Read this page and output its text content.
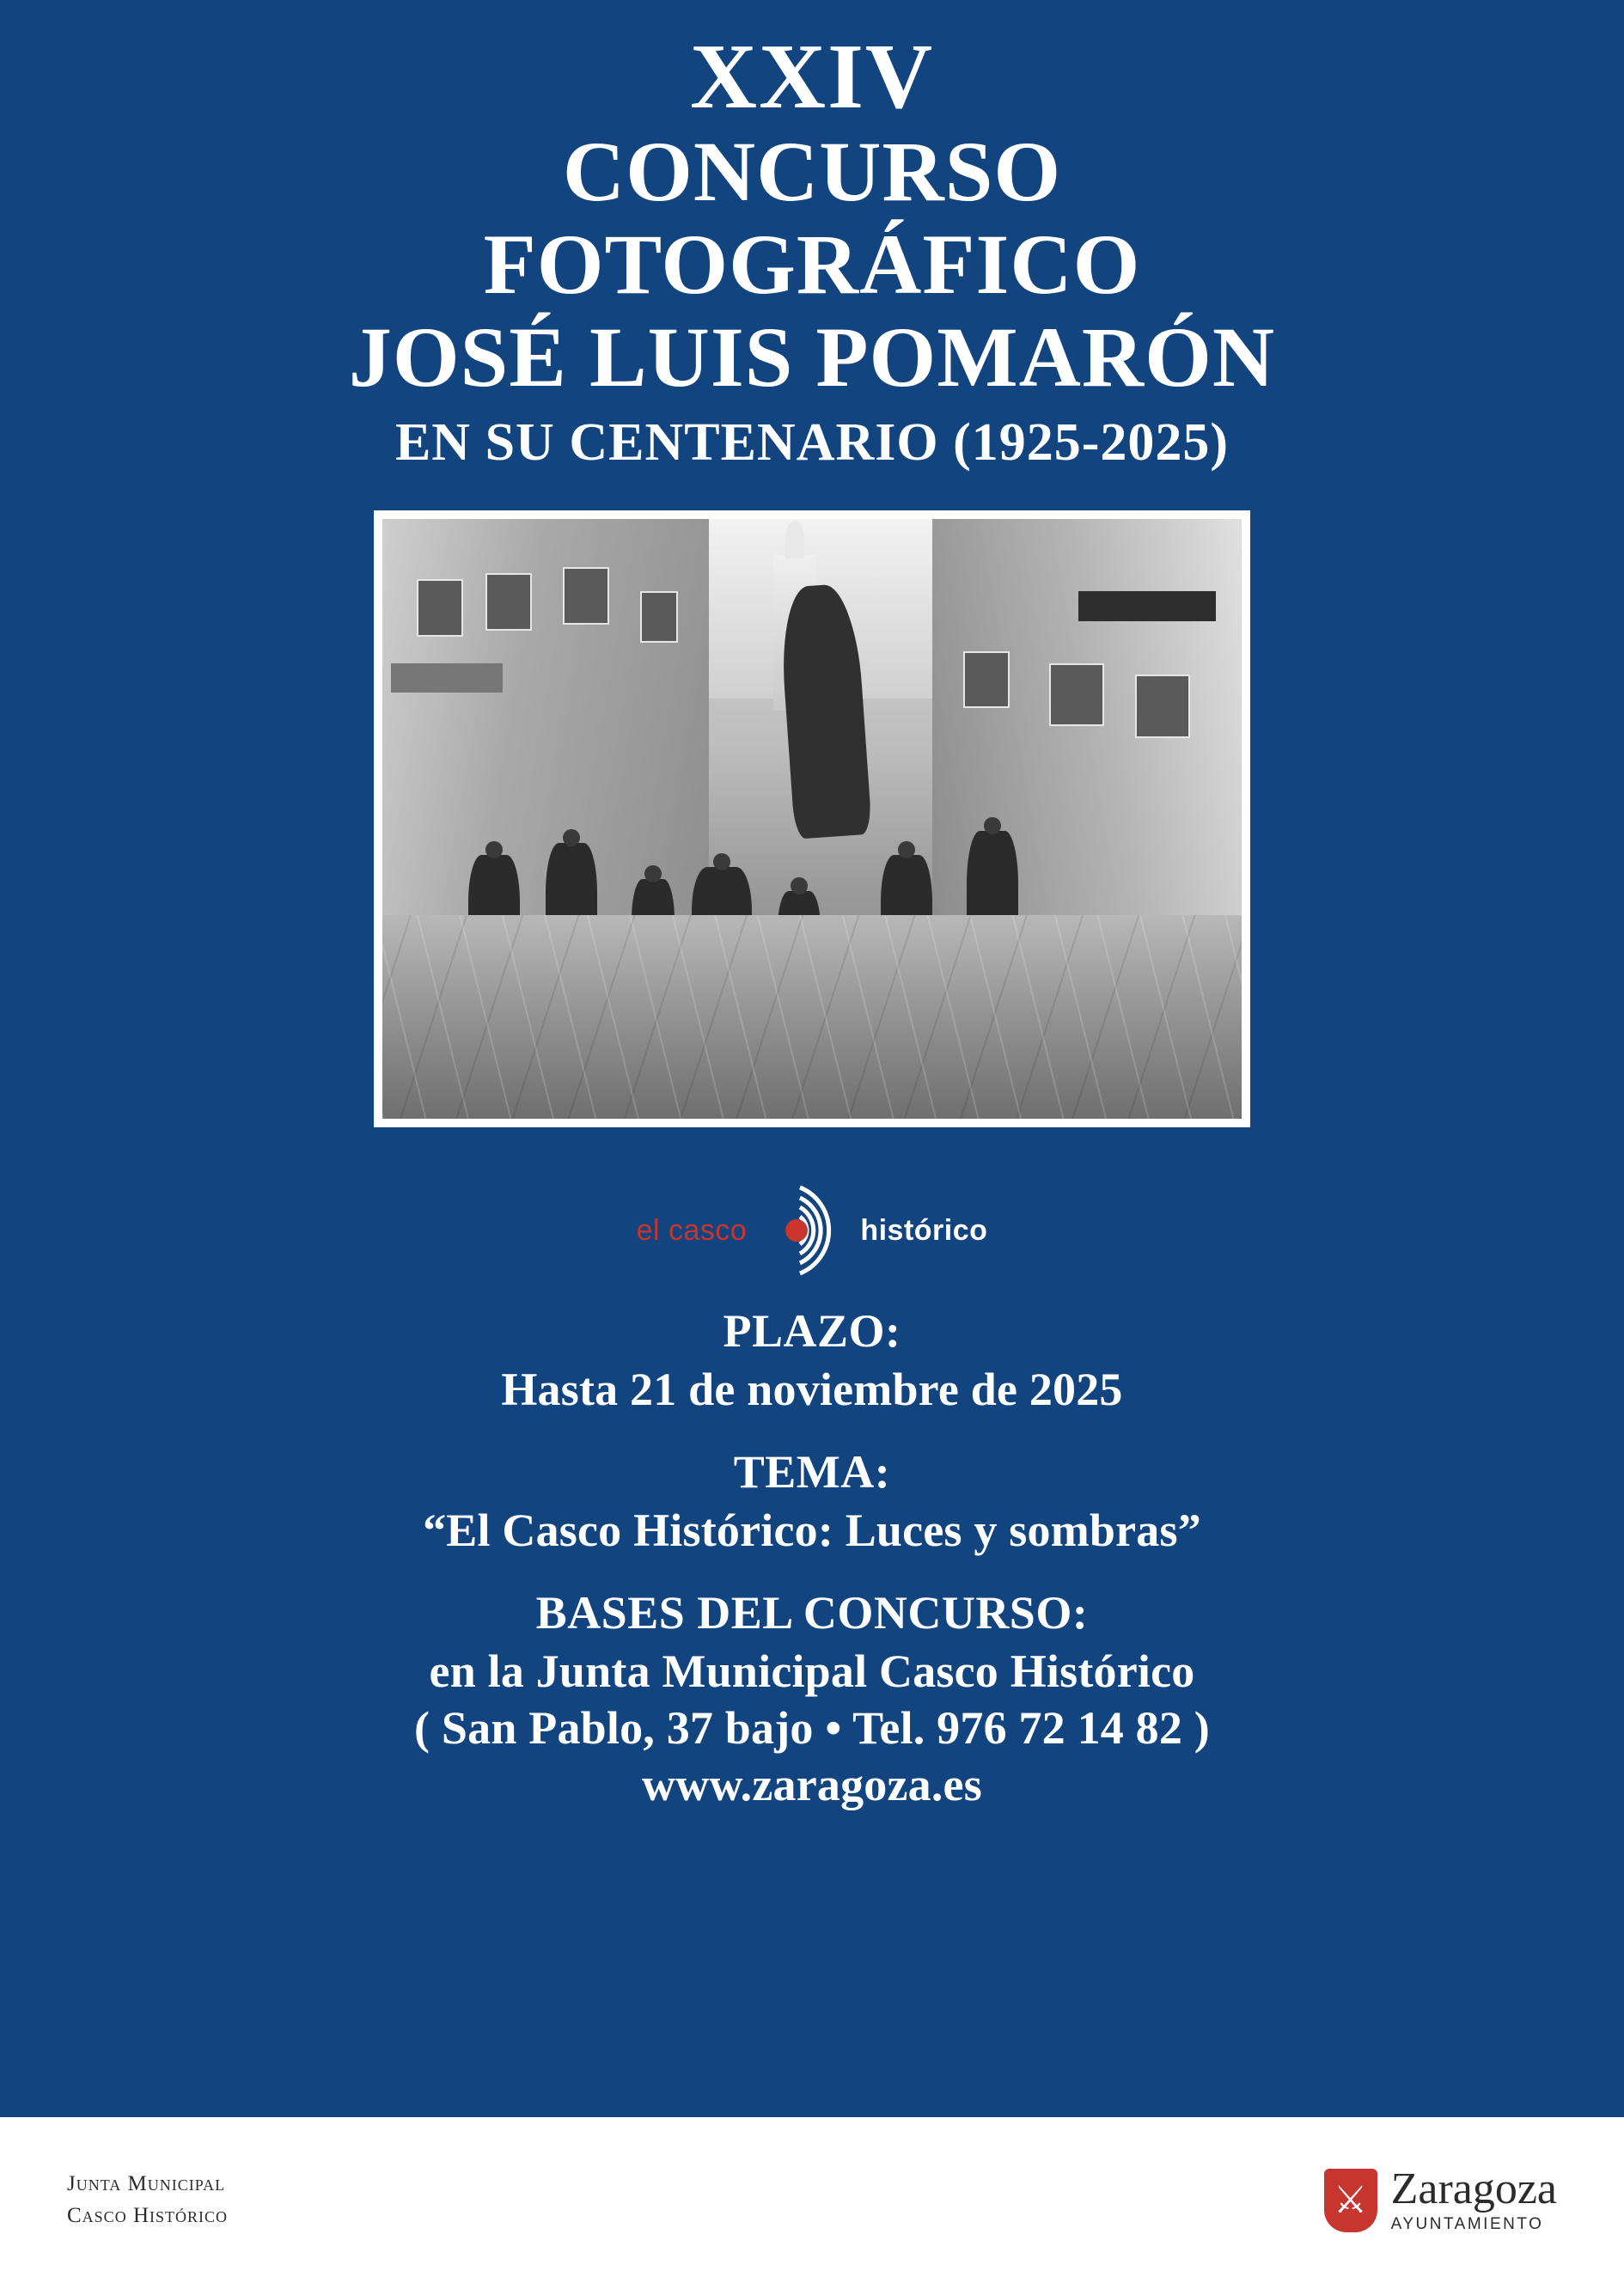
XXIV
CONCURSO
FOTOGRÁFICO
JOSÉ LUIS POMARÓN
EN SU CENTENARIO (1925-2025)
el casco	histórico
PLAZO:
Hasta 21 de noviembre de 2025
TEMA:
“El Casco Histórico: Luces y sombras”
BASES DEL CONCURSO:
en la Junta Municipal Casco Histórico
( San Pablo, 37 bajo • Tel. 976 72 14 82 )
www.zaragoza.es
Junta Municipal
Casco Histórico	⚔ Zaragoza
AYUNTAMIENTO
